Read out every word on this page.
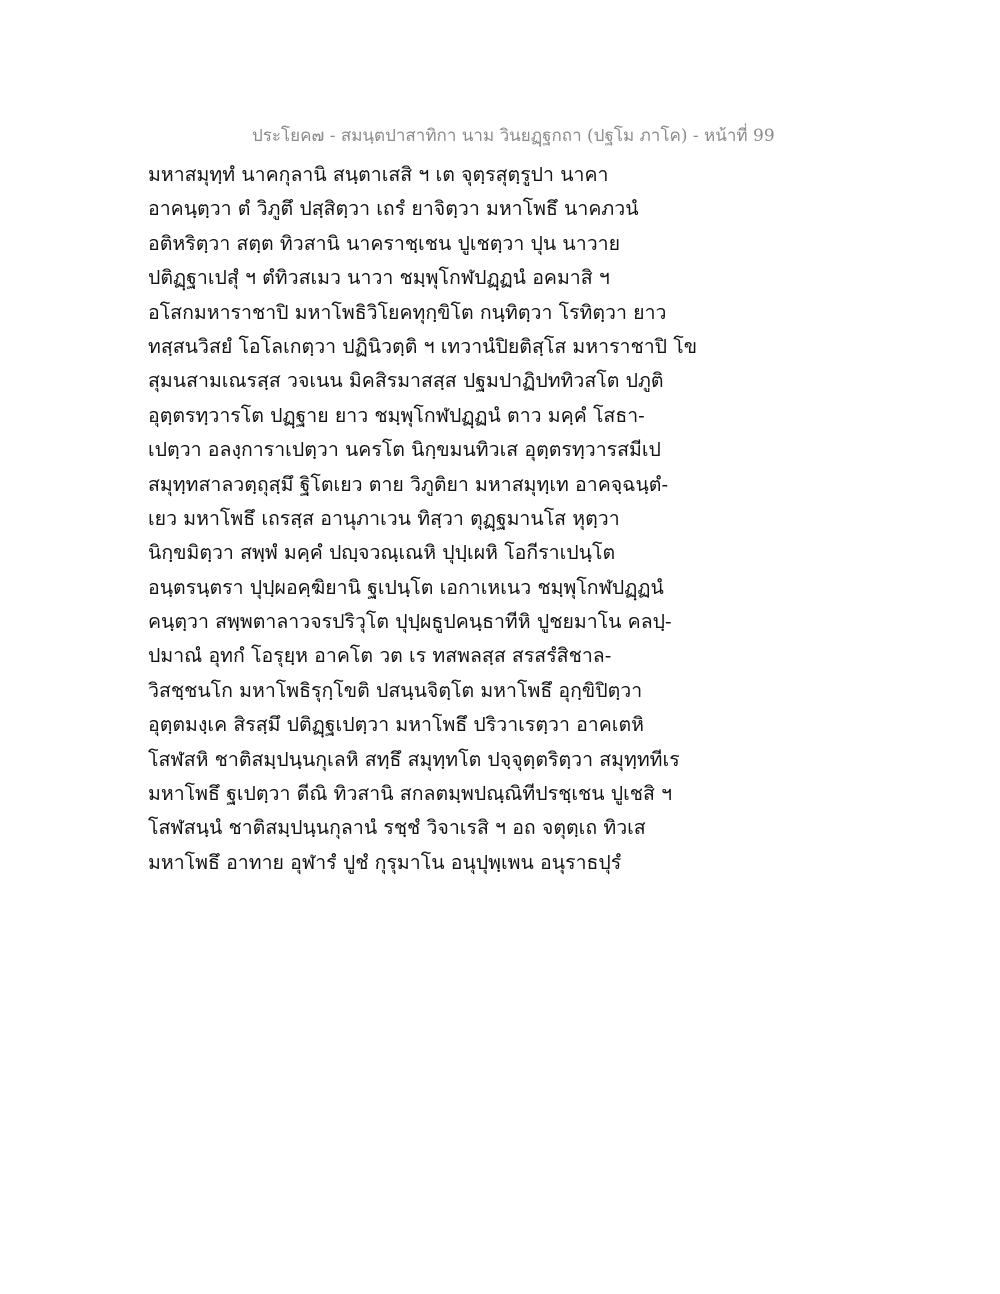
ประโยค๗ - สมนฺตปาสาทิกา นาม วินยฏฺฐกถา (ปฐโม ภาโค) - หน้าที่ 99
มหาสมุทฺทํ นาคกุลานิ สนฺตาเสสิ ฯ เต จุตฺรสุตฺรูปา นาคา
อาคนฺตฺวา ตํ วิภูตึ ปสฺสิตฺวา เถรํ ยาจิตฺวา มหาโพธึ นาคภวนํ
อติหริตฺวา สตฺต ทิวสานิ นาคราชฺเชน ปูเชตฺวา ปุน นาวาย
ปติฏฺฐาเปสุํ ฯ ตํทิวสเมว นาวา ชมฺพุโกฬปฏฺฏนํ อคมาสิ ฯ
อโสกมหาราชาปิ มหาโพธิวิโยคทุกฺขิโต กนฺทิตฺวา โรทิตฺวา ยาว
ทสฺสนวิสยํ โอโลเกตฺวา ปฏินิวตฺติ ฯ เทวานํปิยติสฺโส มหาราชาปิ โข
สุมนสามเณรสฺส วจเนน มิคสิรมาสสฺส ปฐมปาฏิปททิวสโต ปภูติ
อุตฺตรทฺวารโต ปฏฺฐาย ยาว ชมฺพุโกฬปฏฺฏนํ ตาว มคฺคํ โสธา-
เปตฺวา อลงฺการาเปตฺวา นครโต นิกฺขมนทิวเส อุตฺตรทฺวารสมีเป
สมุทฺทสาลวตฺถุสฺมึ ฐิโตเยว ตาย วิภูติยา มหาสมุทฺเท อาคจฺฉนฺตํ-
เยว มหาโพธึ เถรสฺส อานุภาเวน ทิสฺวา ตุฏฺฐมานโส หุตฺวา
นิกฺขมิตฺวา สพฺพํ มคฺคํ ปญฺจวณฺเณหิ ปุปฺเผหิ โอกีราเปนฺโต
อนฺตรนฺตรา ปุปฺผอคฺฆิยานิ ฐเปนฺโต เอกาเหเนว ชมฺพุโกฬปฏฺฏนํ
คนฺตฺวา สพฺพตาลาวจรปริวุโต ปุปฺผธูปคนฺธาทีหิ ปูชยมาโน คลปฺ-
ปมาณํ อุทกํ โอรุยฺห อาคโต วต เร ทสพลสฺส สรสรํสิชาล-
วิสชฺชนโก มหาโพธิรุกฺโขติ ปสนฺนจิตฺโต มหาโพธึ อุกฺขิปิตฺวา
อุตฺตมงฺเค สิรสฺมึ ปติฏฺฐเปตฺวา มหาโพธึ ปริวาเรตฺวา อาคเตหิ
โสฬสหิ ชาติสมฺปนฺนกุเลหิ สทฺธึ สมุทฺทโต ปจฺจุตฺตริตฺวา สมุทฺททีเร
มหาโพธึ ฐเปตฺวา ตีณิ ทิวสานิ สกลตมฺพปณฺณิทีปรชฺเชน ปูเชสิ ฯ
โสฬสนฺนํ ชาติสมฺปนฺนกุลานํ รชฺชํ วิจาเรสิ ฯ อถ จตุตฺเถ ทิวเส
มหาโพธึ อาทาย อุฬารํ ปูชํ กุรุมาโน อนุปุพฺเพน อนุราธปุรํ
